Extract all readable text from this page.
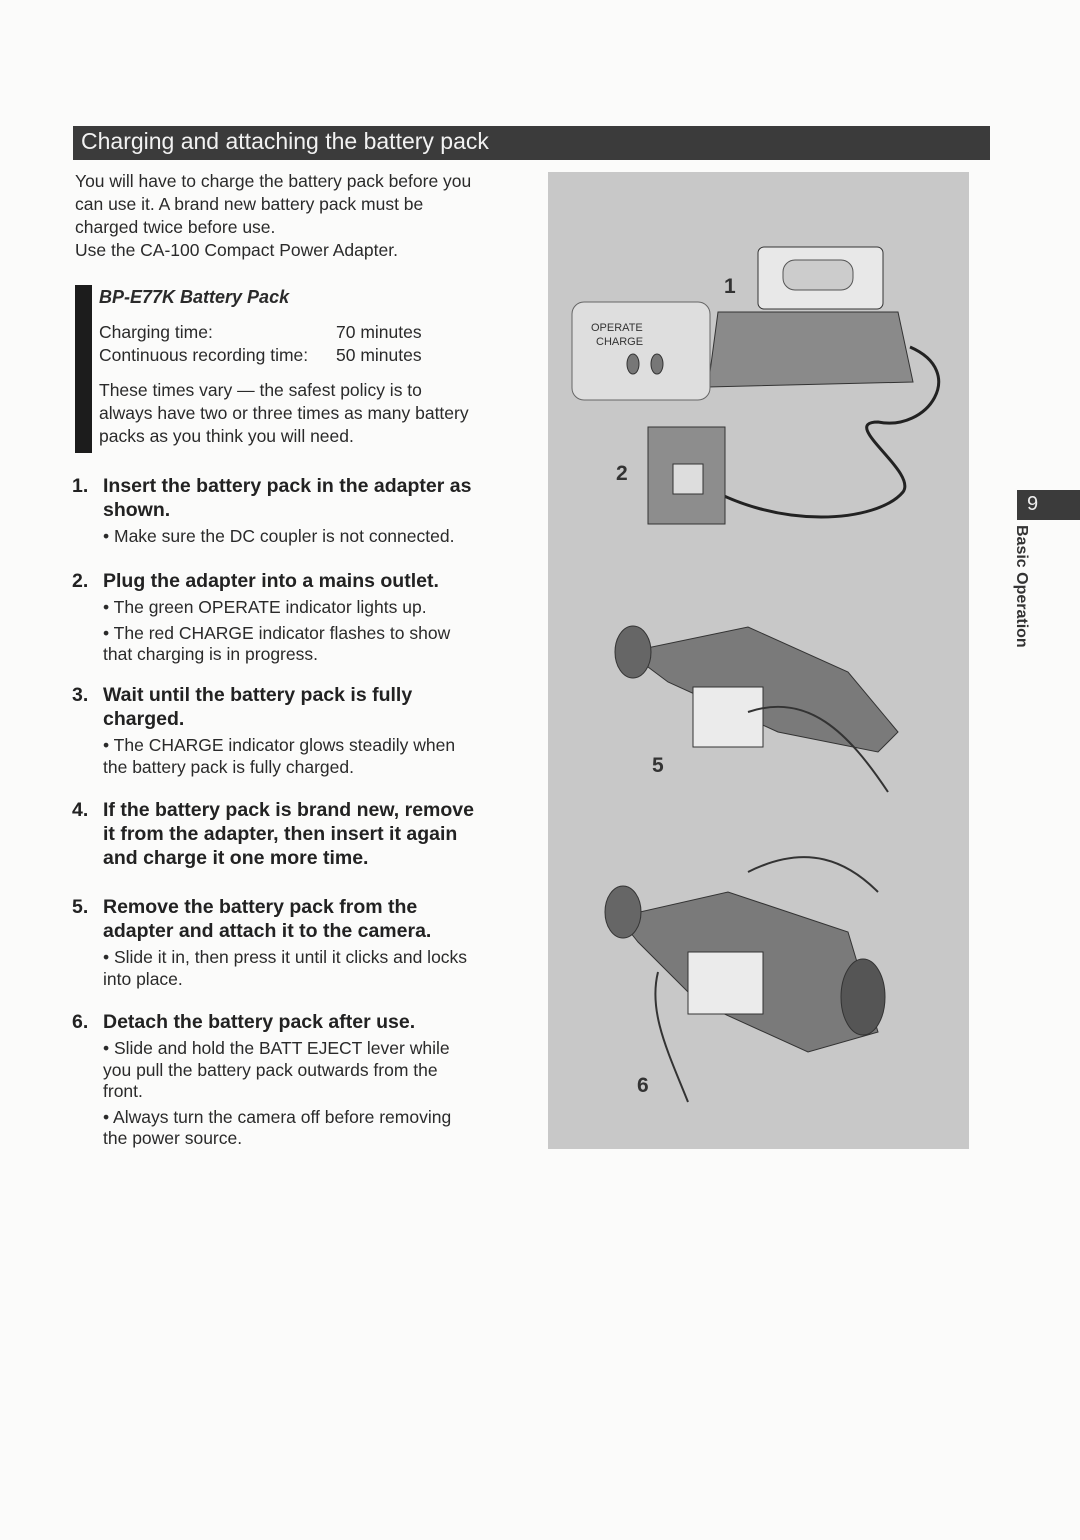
Charging and attaching the battery pack
You will have to charge the battery pack before you
can use it. A brand new battery pack must be
charged twice before use.
Use the CA-100 Compact Power Adapter.
BP-E77K Battery Pack
Charging time:	70 minutes
Continuous recording time: 50 minutes
These times vary — the safest policy is to
always have two or three times as many battery
packs as you think you will need.
1. Insert the battery pack in the adapter as
shown.
• Make sure the DC coupler is not connected.
2. Plug the adapter into a mains outlet.
• The green OPERATE indicator lights up.
• The red CHARGE indicator flashes to show
that charging is in progress.
3. Wait until the battery pack is fully
charged.
• The CHARGE indicator glows steadily when
the battery pack is fully charged.
4. If the battery pack is brand new, remove
it from the adapter, then insert it again
and charge it one more time.
5. Remove the battery pack from the
adapter and attach it to the camera.
• Slide it in, then press it until it clicks and locks
into place.
6. Detach the battery pack after use.
• Slide and hold the BATT EJECT lever while
you pull the battery pack outwards from the
front.
• Always turn the camera off before removing
the power source.
OPERATE
CHARGE
1
2
5
6
9
Basic Operation
